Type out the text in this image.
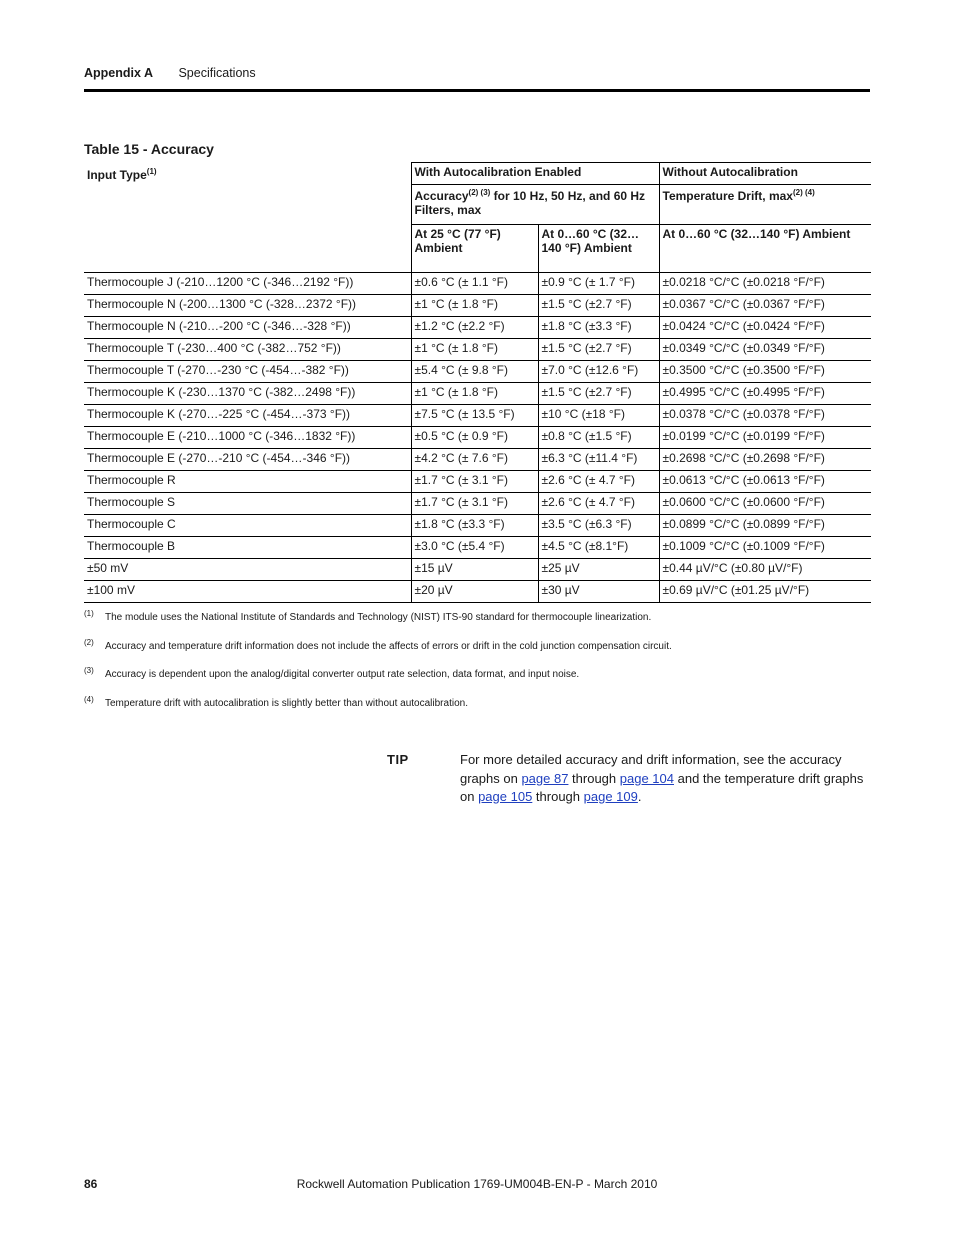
Appendix A Specifications
Table 15 - Accuracy
Input Type$^{(1)}$	With Autocalibration Enabled		Without Autocalibration
	Accuracy$^{(2) (3)}$ for 10 Hz, 50 Hz, and 60 Hz Filters, max		Temperature Drift, $\max^{(2) (4)}$
	At 25 °C (77 °F) Ambient	At 0…60 °C (32…140 °F) Ambient	At 0…60 °C (32…140 °F) Ambient
Thermocouple J (-210…1200 °C (-346…2192 °F))	±0.6 °C (± 1.1 °F)	±0.9 °C (± 1.7 °F)	±0.0218 °C/°C (±0.0218 °F/°F)
Thermocouple N (-200…1300 °C (-328…2372 °F))	±1 °C (± 1.8 °F)	±1.5 °C (±2.7 °F)	±0.0367 °C/°C (±0.0367 °F/°F)
Thermocouple N (-210…-200 °C (-346…-328 °F))	±1.2 °C (±2.2 °F)	±1.8 °C (±3.3 °F)	±0.0424 °C/°C (±0.0424 °F/°F)
Thermocouple T (-230…400 °C (-382…752 °F))	±1 °C (± 1.8 °F)	±1.5 °C (±2.7 °F)	±0.0349 °C/°C (±0.0349 °F/°F)
Thermocouple T (-270…-230 °C (-454…-382 °F))	±5.4 °C (± 9.8 °F)	±7.0 °C (±12.6 °F)	±0.3500 °C/°C (±0.3500 °F/°F)
Thermocouple K (-230…1370 °C (-382…2498 °F))	±1 °C (± 1.8 °F)	±1.5 °C (±2.7 °F)	±0.4995 °C/°C (±0.4995 °F/°F)
Thermocouple K (-270…-225 °C (-454…-373 °F))	±7.5 °C (± 13.5 °F)	±10 °C (±18 °F)	±0.0378 °C/°C (±0.0378 °F/°F)
Thermocouple E (-210…1000 °C (-346…1832 °F))	±0.5 °C (± 0.9 °F)	±0.8 °C (±1.5 °F)	±0.0199 °C/°C (±0.0199 °F/°F)
Thermocouple E (-270…-210 °C (-454…-346 °F))	±4.2 °C (± 7.6 °F)	±6.3 °C (±11.4 °F)	±0.2698 °C/°C (±0.2698 °F/°F)
Thermocouple R	±1.7 °C (± 3.1 °F)	±2.6 °C (± 4.7 °F)	±0.0613 °C/°C (±0.0613 °F/°F)
Thermocouple S	±1.7 °C (± 3.1 °F)	±2.6 °C (± 4.7 °F)	±0.0600 °C/°C (±0.0600 °F/°F)
Thermocouple C	±1.8 °C (±3.3 °F)	±3.5 °C (±6.3 °F)	±0.0899 °C/°C (±0.0899 °F/°F)
Thermocouple B	±3.0 °C (±5.4 °F)	±4.5 °C (±8.1°F)	±0.1009 °C/°C (±0.1009 °F/°F)
±50 mV	±15 µV	±25 µV	±0.44 µV/°C (±0.80 µV/°F)
±100 mV	±20 µV	±30 µV	±0.69 µV/°C (±01.25 µV/°F)
(1) The module uses the National Institute of Standards and Technology (NIST) ITS-90 standard for thermocouple linearization.
(2) Accuracy and temperature drift information does not include the affects of errors or drift in the cold junction compensation circuit.
(3) Accuracy is dependent upon the analog/digital converter output rate selection, data format, and input noise.
(4) Temperature drift with autocalibration is slightly better than without autocalibration.
TIP	For more detailed accuracy and drift information, see the accuracy graphs on page 87 through page 104 and the temperature drift graphs on page 105 through page 109.
86	Rockwell Automation Publication 1769-UM004B-EN-P - March 2010
